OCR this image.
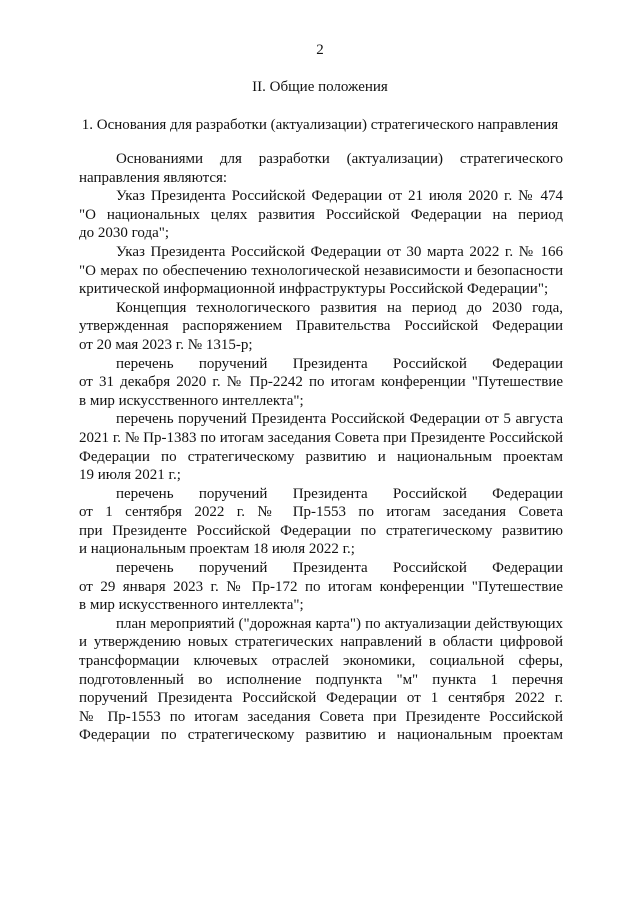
2
II. Общие положения
1. Основания для разработки (актуализации) стратегического направления
Основаниями для разработки (актуализации) стратегического
направления являются:
Указ Президента Российской Федерации от 21 июля 2020 г. № 474
"О национальных целях развития Российской Федерации на период
до 2030 года";
Указ Президента Российской Федерации от 30 марта 2022 г. № 166
"О мерах по обеспечению технологической независимости и безопасности
критической информационной инфраструктуры Российской Федерации";
Концепция технологического развития на период до 2030 года,
утвержденная распоряжением Правительства Российской Федерации
от 20 мая 2023 г. № 1315-р;
перечень поручений Президента Российской Федерации
от 31 декабря 2020 г. № Пр-2242 по итогам конференции "Путешествие
в мир искусственного интеллекта";
перечень поручений Президента Российской Федерации от 5 августа
2021 г. № Пр-1383 по итогам заседания Совета при Президенте Российской
Федерации по стратегическому развитию и национальным проектам
19 июля 2021 г.;
перечень поручений Президента Российской Федерации
от 1 сентября 2022 г. № Пр-1553 по итогам заседания Совета
при Президенте Российской Федерации по стратегическому развитию
и национальным проектам 18 июля 2022 г.;
перечень поручений Президента Российской Федерации
от 29 января 2023 г. № Пр-172 по итогам конференции "Путешествие
в мир искусственного интеллекта";
план мероприятий ("дорожная карта") по актуализации действующих
и утверждению новых стратегических направлений в области цифровой
трансформации ключевых отраслей экономики, социальной сферы,
подготовленный во исполнение подпункта "м" пункта 1 перечня
поручений Президента Российской Федерации от 1 сентября 2022 г.
№ Пр-1553 по итогам заседания Совета при Президенте Российской
Федерации по стратегическому развитию и национальным проектам
